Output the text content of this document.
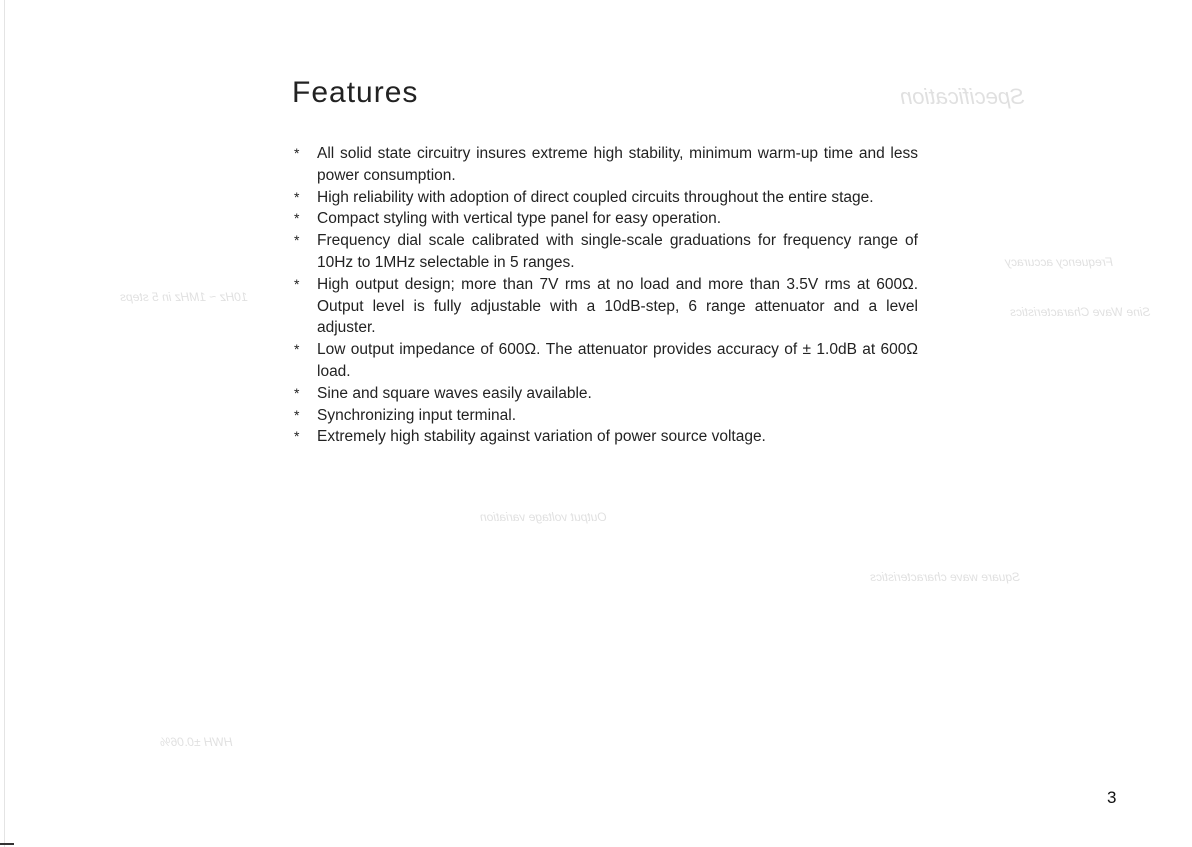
Specification
Frequency accuracy
Sine Wave Characteristics
10Hz ~ 1MHz in 5 steps
Output voltage variation
Square wave characteristics
HWH ±0.06%
Features
* All solid state circuitry insures extreme high stability, minimum warm-up time and less power consumption.
* High reliability with adoption of direct coupled circuits throughout the entire stage.
* Compact styling with vertical type panel for easy operation.
* Frequency dial scale calibrated with single-scale graduations for frequency range of 10Hz to 1MHz selectable in 5 ranges.
* High output design; more than 7V rms at no load and more than 3.5V rms at 600Ω. Output level is fully adjustable with a 10dB-step, 6 range attenuator and a level adjuster.
* Low output impedance of 600Ω. The attenuator provides accuracy of ± 1.0dB at 600Ω load.
* Sine and square waves easily available.
* Synchronizing input terminal.
* Extremely high stability against variation of power source voltage.
3
